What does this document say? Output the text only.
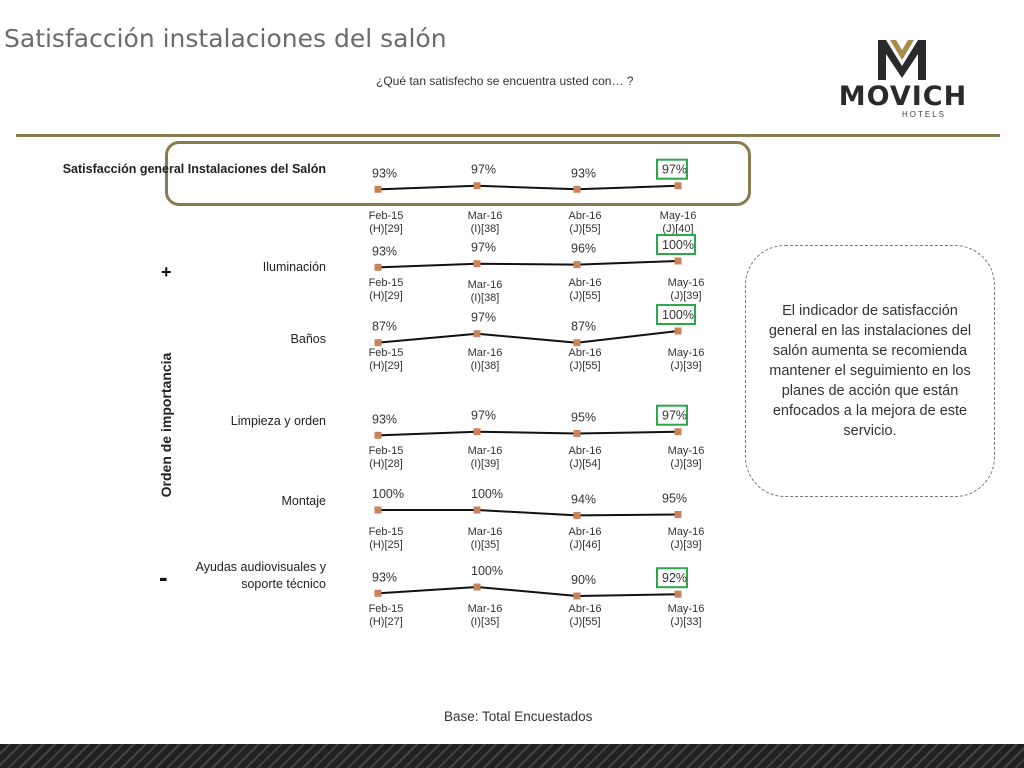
Satisfacción instalaciones del salón
¿Qué tan satisfecho se encuentra usted con… ?	MOVICH
HOTELS
Orden de importancia
+
-
Satisfacción general Instalaciones del Salón
Iluminación
Baños
Limpieza y orden
Montaje
Ayudas audiovisuales y
soporte técnico
93%
Feb-15
(H)[29]
97%
Mar-16
(I)[38]
93%
Abr-16
(J)[55]
97%
May-16
(J)[40]
93%
Feb-15
(H)[29]
97%
Mar-16
(I)[38]
96%
Abr-16
(J)[55]
100%
May-16
(J)[39]
87%
Feb-15
(H)[29]
97%
Mar-16
(I)[38]
87%
Abr-16
(J)[55]
100%
May-16
(J)[39]
93%
Feb-15
(H)[28]
97%
Mar-16
(I)[39]
95%
Abr-16
(J)[54]
97%
May-16
(J)[39]
100%
Feb-15
(H)[25]
100%
Mar-16
(I)[35]
94%
Abr-16
(J)[46]
95%
May-16
(J)[39]
93%
Feb-15
(H)[27]
100%
Mar-16
(I)[35]
90%
Abr-16
(J)[55]
92%
May-16
(J)[33]
El indicador de satisfacción general en las instalaciones del salón aumenta se recomienda mantener el seguimiento en los planes de acción que están enfocados a la mejora de este servicio.
Base: Total Encuestados
